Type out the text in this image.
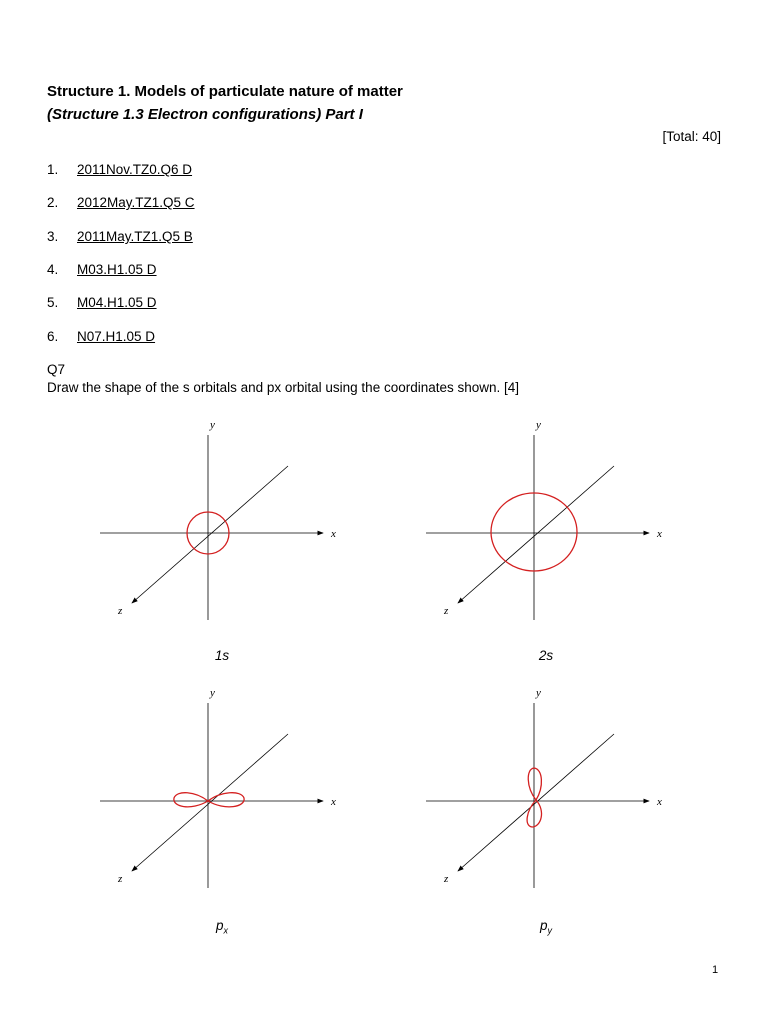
Structure 1. Models of particulate nature of matter
(Structure 1.3 Electron configurations) Part I
[Total: 40]
1. 2011Nov.TZ0.Q6 D
2. 2012May.TZ1.Q5 C
3. 2011May.TZ1.Q5 B
4. M03.H1.05 D
5. M04.H1.05 D
6. N07.H1.05 D
Q7
Draw the shape of the s orbitals and px orbital using the coordinates shown. [4]
y
x
z
1s
y
x
z
2s
y
x
z
$p_x$
y
x
z
$p_y$
1
